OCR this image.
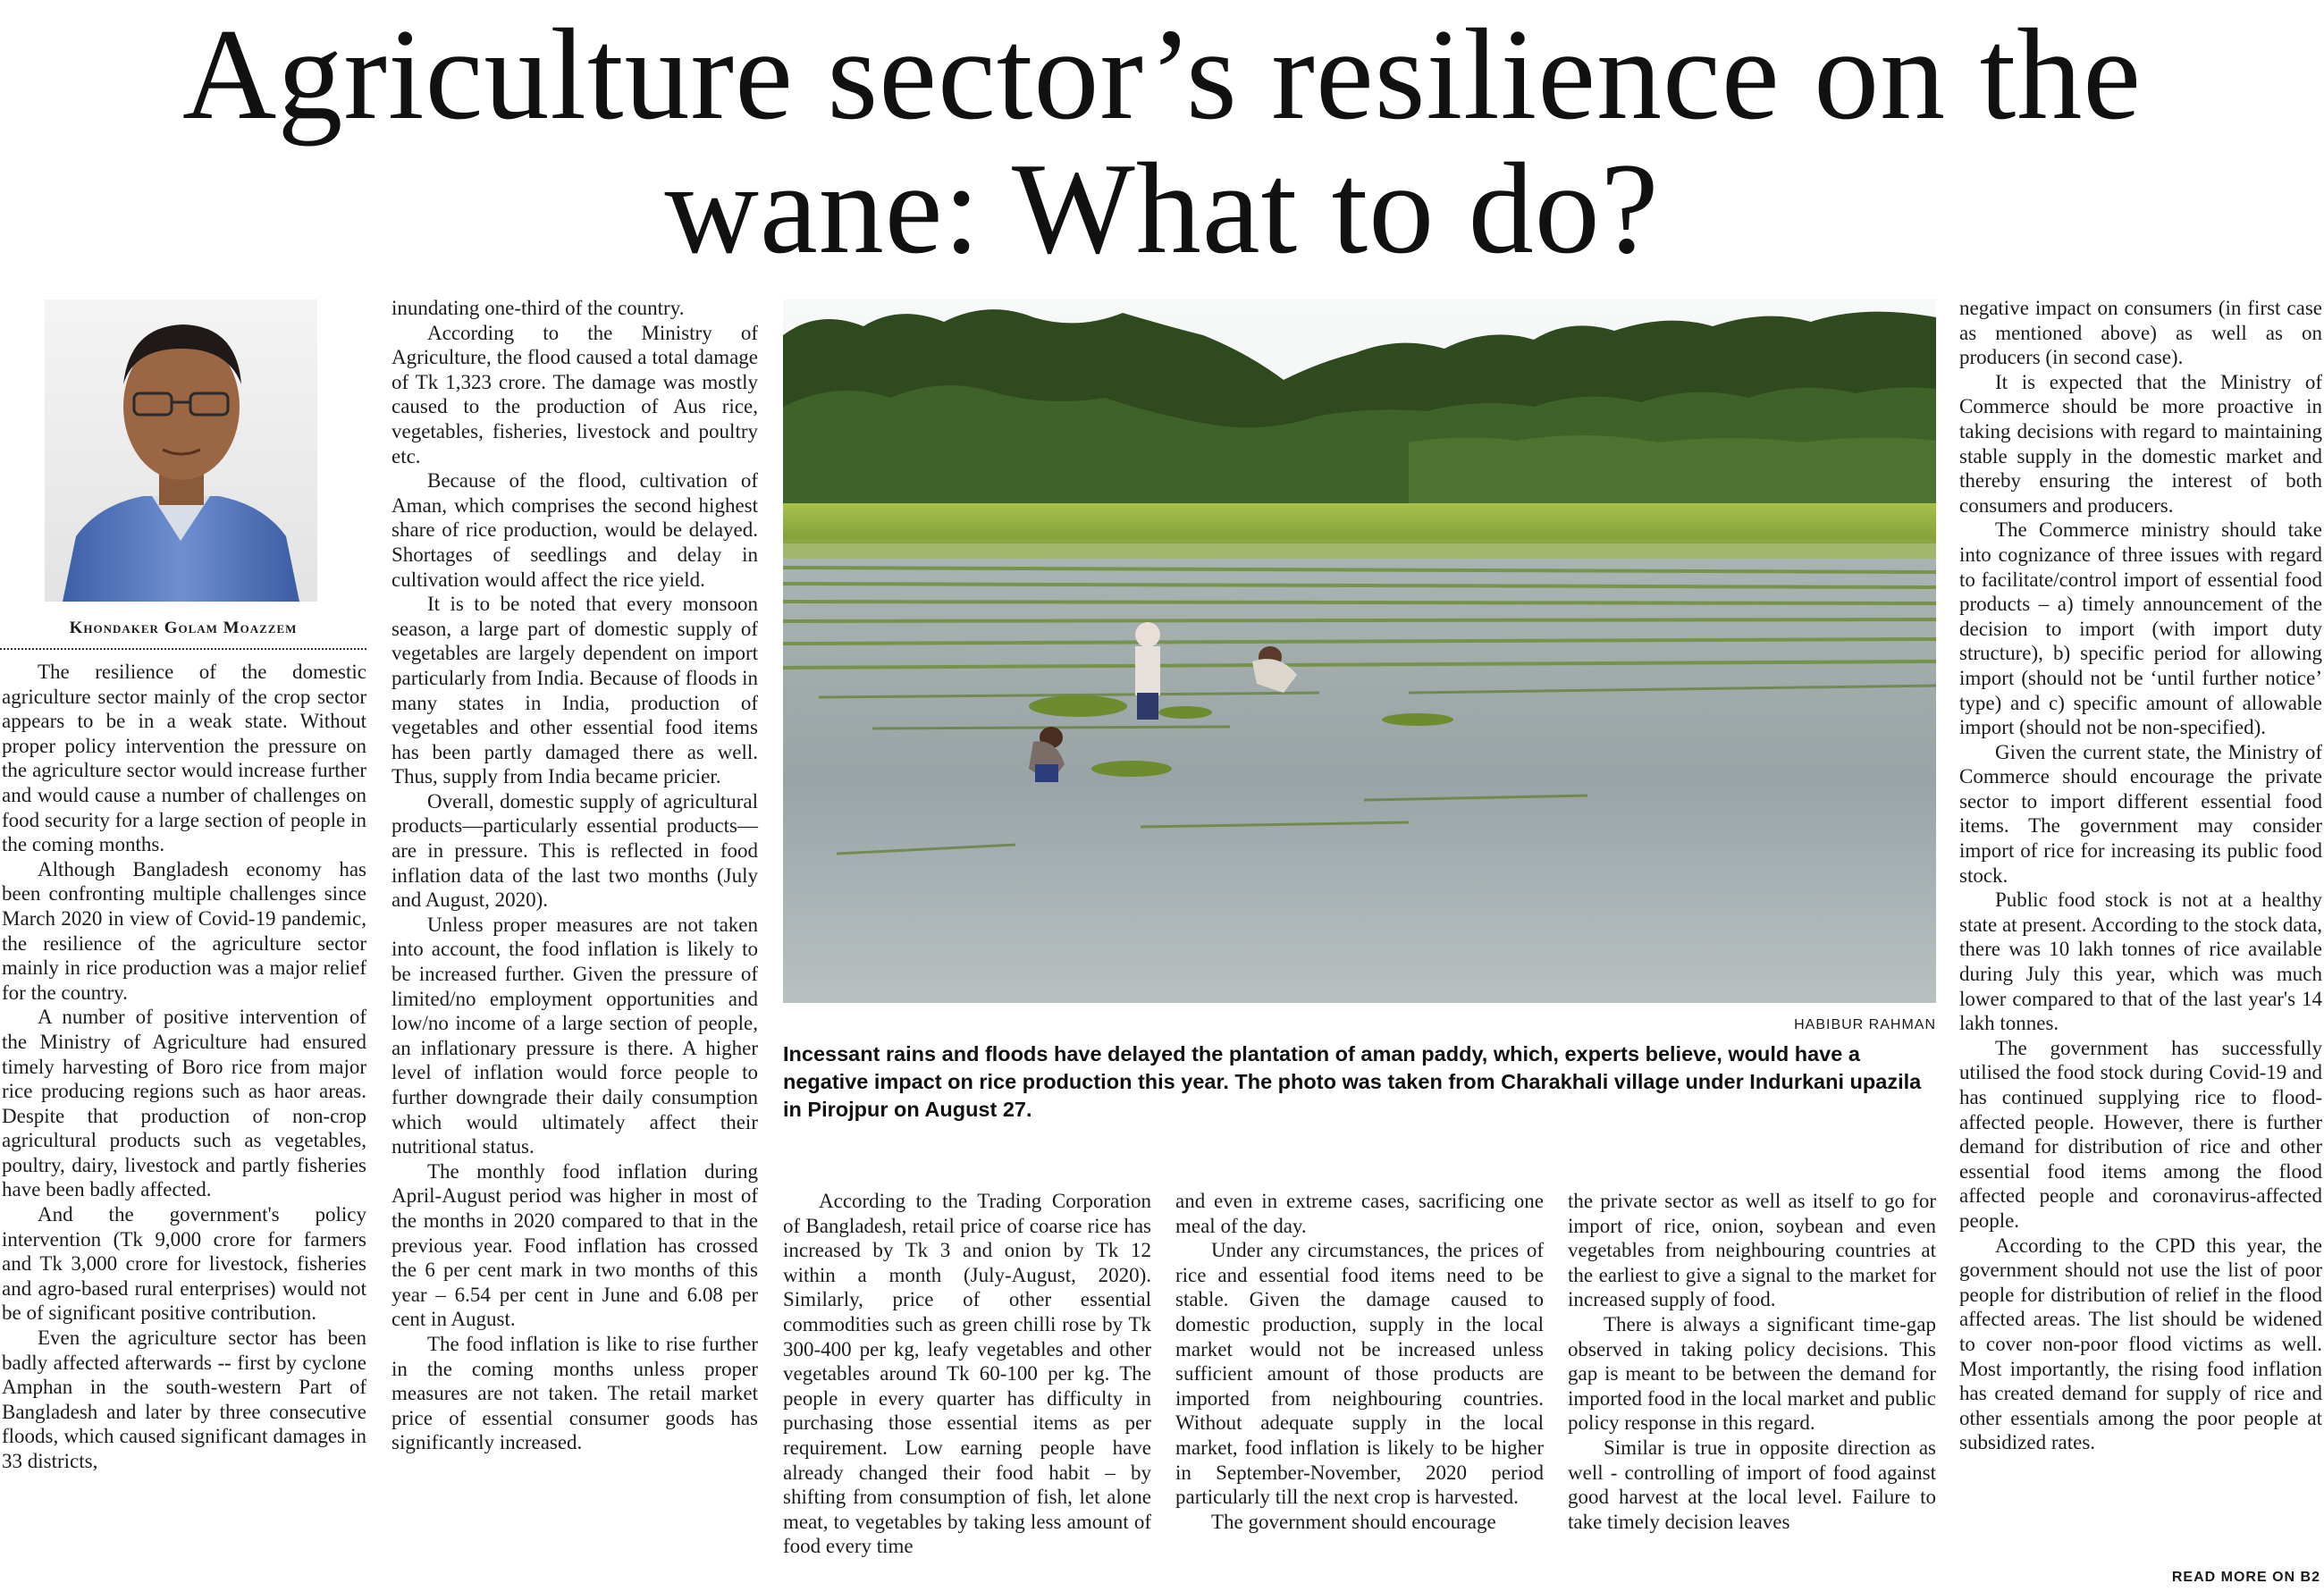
Agriculture sector’s resilience on the
wane: What to do?
Khondaker Golam Moazzem

The resilience of the domestic agriculture sector mainly of the crop sector appears to be in a weak state. Without proper policy intervention the pressure on the agriculture sector would increase further and would cause a number of challenges on food security for a large section of people in the coming months.

Although Bangladesh economy has been confronting multiple challenges since March 2020 in view of Covid-19 pandemic, the resilience of the agriculture sector mainly in rice production was a major relief for the country.

A number of positive intervention of the Ministry of Agriculture had ensured timely harvesting of Boro rice from major rice producing regions such as haor areas. Despite that production of non-crop agricultural products such as vegetables, poultry, dairy, livestock and partly fisheries have been badly affected.

And the government's policy intervention (Tk 9,000 crore for farmers and Tk 3,000 crore for livestock, fisheries and agro-based rural enterprises) would not be of significant positive contribution.

Even the agriculture sector has been badly affected afterwards -- first by cyclone Amphan in the south-western Part of Bangladesh and later by three consecutive floods, which caused significant damages in 33 districts,

inundating one-third of the country.

According to the Ministry of Agriculture, the flood caused a total damage of Tk 1,323 crore. The damage was mostly caused to the production of Aus rice, vegetables, fisheries, livestock and poultry etc.

Because of the flood, cultivation of Aman, which comprises the second highest share of rice production, would be delayed. Shortages of seedlings and delay in cultivation would affect the rice yield.

It is to be noted that every monsoon season, a large part of domestic supply of vegetables are largely dependent on import particularly from India. Because of floods in many states in India, production of vegetables and other essential food items has been partly damaged there as well. Thus, supply from India became pricier.

Overall, domestic supply of agricultural products—particularly essential products—are in pressure. This is reflected in food inflation data of the last two months (July and August, 2020).

Unless proper measures are not taken into account, the food inflation is likely to be increased further. Given the pressure of limited/no employment opportunities and low/no income of a large section of people, an inflationary pressure is there. A higher level of inflation would force people to further downgrade their daily consumption which would ultimately affect their nutritional status.

The monthly food inflation during April-August period was higher in most of the months in 2020 compared to that in the previous year. Food inflation has crossed the 6 per cent mark in two months of this year – 6.54 per cent in June and 6.08 per cent in August.

The food inflation is like to rise further in the coming months unless proper measures are not taken. The retail market price of essential consumer goods has significantly increased.

HABIBUR RAHMAN
Incessant rains and floods have delayed the plantation of aman paddy, which, experts believe, would have a negative impact on rice production this year. The photo was taken from Charakhali village under Indurkani upazila in Pirojpur on August 27.

According to the Trading Corporation of Bangladesh, retail price of coarse rice has increased by Tk 3 and onion by Tk 12 within a month (July-August, 2020). Similarly, price of other essential commodities such as green chilli rose by Tk 300-400 per kg, leafy vegetables and other vegetables around Tk 60-100 per kg. The people in every quarter has difficulty in purchasing those essential items as per requirement. Low earning people have already changed their food habit – by shifting from consumption of fish, let alone meat, to vegetables by taking less amount of food every time

and even in extreme cases, sacrificing one meal of the day.

Under any circumstances, the prices of rice and essential food items need to be stable. Given the damage caused to domestic production, supply in the local market would not be increased unless sufficient amount of those products are imported from neighbouring countries. Without adequate supply in the local market, food inflation is likely to be higher in September-November, 2020 period particularly till the next crop is harvested.

The government should encourage

the private sector as well as itself to go for import of rice, onion, soybean and even vegetables from neighbouring countries at the earliest to give a signal to the market for increased supply of food.

There is always a significant time-gap observed in taking policy decisions. This gap is meant to be between the demand for imported food in the local market and public policy response in this regard.

Similar is true in opposite direction as well - controlling of import of food against good harvest at the local level. Failure to take timely decision leaves

negative impact on consumers (in first case as mentioned above) as well as on producers (in second case).

It is expected that the Ministry of Commerce should be more proactive in taking decisions with regard to maintaining stable supply in the domestic market and thereby ensuring the interest of both consumers and producers.

The Commerce ministry should take into cognizance of three issues with regard to facilitate/control import of essential food products – a) timely announcement of the decision to import (with import duty structure), b) specific period for allowing import (should not be ‘until further notice’ type) and c) specific amount of allowable import (should not be non-specified).

Given the current state, the Ministry of Commerce should encourage the private sector to import different essential food items. The government may consider import of rice for increasing its public food stock.

Public food stock is not at a healthy state at present. According to the stock data, there was 10 lakh tonnes of rice available during July this year, which was much lower compared to that of the last year's 14 lakh tonnes.

The government has successfully utilised the food stock during Covid-19 and has continued supplying rice to flood-affected people. However, there is further demand for distribution of rice and other essential food items among the flood affected people and coronavirus-affected people.

According to the CPD this year, the government should not use the list of poor people for distribution of relief in the flood affected areas. The list should be widened to cover non-poor flood victims as well. Most importantly, the rising food inflation has created demand for supply of rice and other essentials among the poor people at subsidized rates.

READ MORE ON B2
